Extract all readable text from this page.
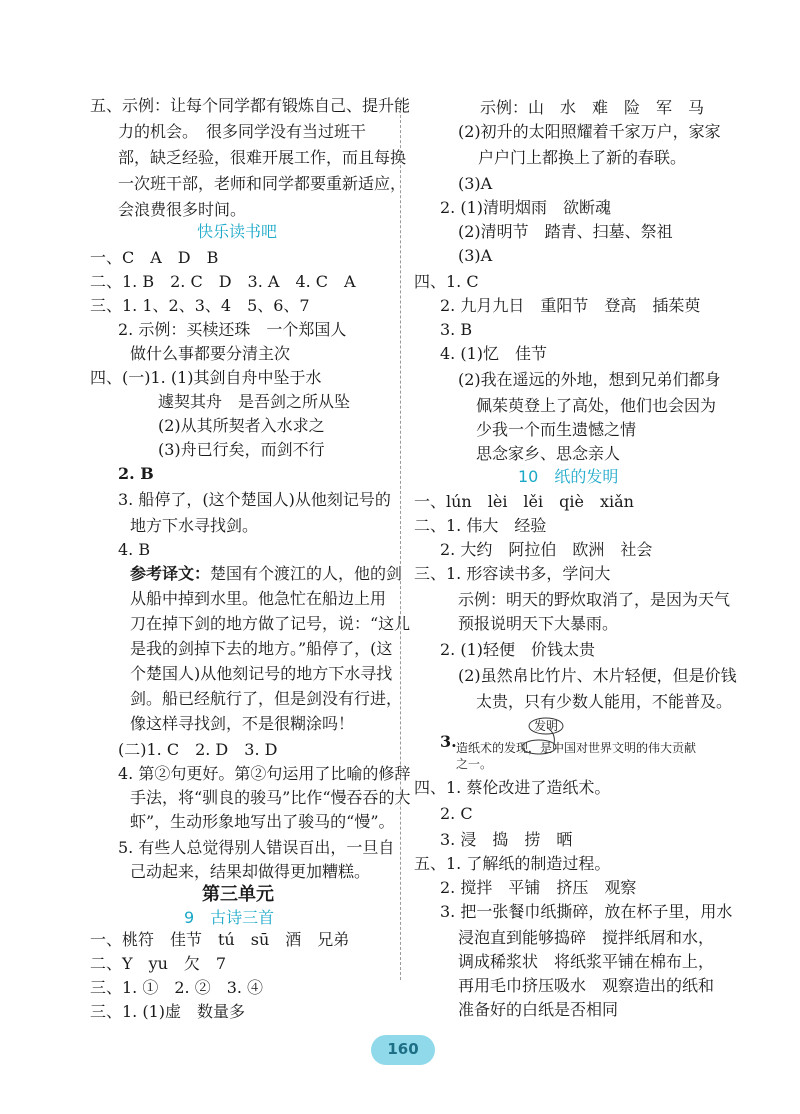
五、示例：让每个同学都有锻炼自己、提升能
力的机会。　很多同学没有当过班干
部，缺乏经验，很难开展工作，而且每换
一次班干部，老师和同学都要重新适应，
会浪费很多时间。
快乐读书吧
一、C　A　D　B
二、1. B　2. C　D　3. A　4. C　A
三、1. 1、2、3、4　5、6、7
2. 示例：买椟还珠　一个郑国人
做什么事都要分清主次
四、(一)1. (1)其剑自舟中坠于水
遽契其舟　是吾剑之所从坠
(2)从其所契者入水求之
(3)舟已行矣，而剑不行
2. B
3. 船停了，(这个楚国人)从他刻记号的
地方下水寻找剑。
4. B
参考译文：楚国有个渡江的人，他的剑
从船中掉到水里。他急忙在船边上用
刀在掉下剑的地方做了记号，说：“这儿
是我的剑掉下去的地方。”船停了，(这
个楚国人)从他刻记号的地方下水寻找
剑。船已经航行了，但是剑没有行进，
像这样寻找剑，不是很糊涂吗！
(二)1. C　2. D　3. D
4. 第②句更好。第②句运用了比喻的修辞
手法，将“驯良的骏马”比作“慢吞吞的大
虾”，生动形象地写出了骏马的“慢”。
5. 有些人总觉得别人错误百出，一旦自
己动起来，结果却做得更加糟糕。
第三单元
9　古诗三首
一、桃符　佳节　tú　sū　酒　兄弟
二、Y　yu　欠　7
三、1. ①　2. ②　3. ④
三、1. (1)虚　数量多
示例：山　水　难　险　军　马
(2)初升的太阳照耀着千家万户，家家
户户门上都换上了新的春联。
(3)A
2. (1)清明烟雨　欲断魂
(2)清明节　踏青、扫墓、祭祖
(3)A
四、1. C
2. 九月九日　重阳节　登高　插茱萸
3. B
4. (1)忆　佳节
(2)我在遥远的外地，想到兄弟们都身
佩茱萸登上了高处，他们也会因为
少我一个而生遗憾之情
思念家乡、思念亲人
10　纸的发明
一、lún　lèi　lěi　qiè　xiǎn
二、1. 伟大　经验
2. 大约　阿拉伯　欧洲　社会
三、1. 形容读书多，学问大
示例：明天的野炊取消了，是因为天气
预报说明天下大暴雨。
2. (1)轻便　价钱太贵
(2)虽然帛比竹片、木片轻便，但是价钱
太贵，只有少数人能用，不能普及。
3. 造纸术的发现，是中国对世界文明的伟大贡献
之一。
发明
四、1. 蔡伦改进了造纸术。
2. C
3. 浸　捣　捞　晒
五、1. 了解纸的制造过程。
2. 搅拌　平铺　挤压　观察
3. 把一张餐巾纸撕碎，放在杯子里，用水
浸泡直到能够捣碎　搅拌纸屑和水，
调成稀浆状　将纸浆平铺在棉布上，
再用毛巾挤压吸水　观察造出的纸和
准备好的白纸是否相同
160
